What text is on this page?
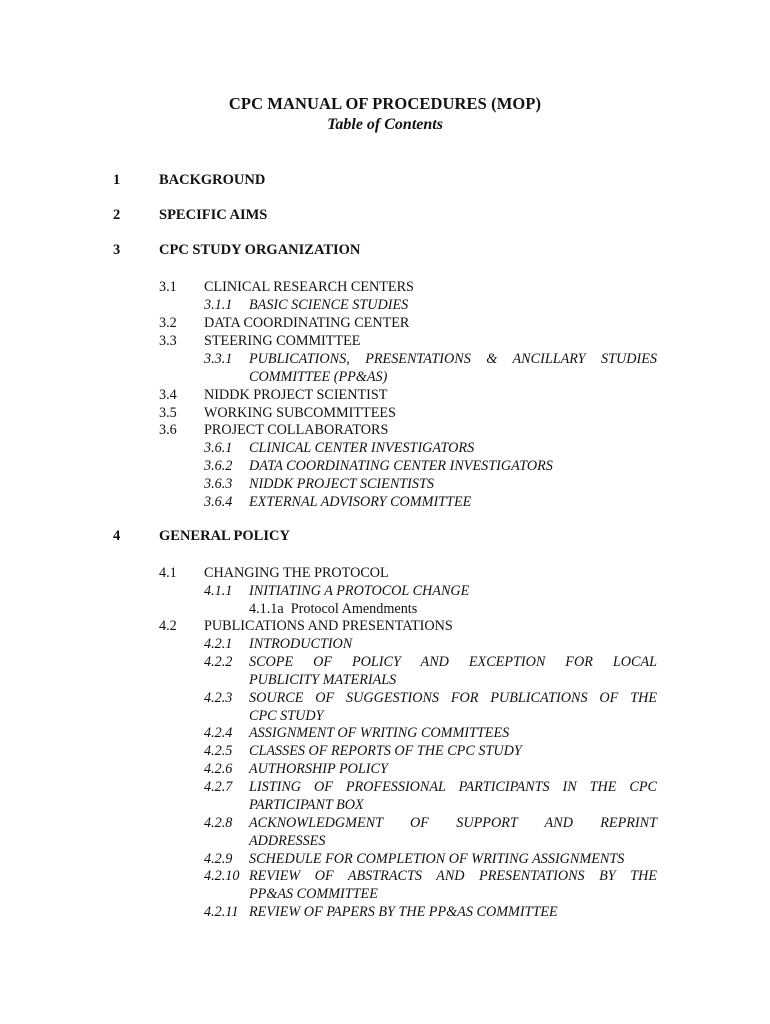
CPC MANUAL OF PROCEDURES (MOP)
Table of Contents
1	BACKGROUND
2	SPECIFIC AIMS
3	CPC STUDY ORGANIZATION
3.1 CLINICAL RESEARCH CENTERS
3.1.1 BASIC SCIENCE STUDIES
3.2 DATA COORDINATING CENTER
3.3 STEERING COMMITTEE
3.3.1 PUBLICATIONS, PRESENTATIONS & ANCILLARY STUDIES
COMMITTEE (PP&AS)
3.4 NIDDK PROJECT SCIENTIST
3.5 WORKING SUBCOMMITTEES
3.6 PROJECT COLLABORATORS
3.6.1 CLINICAL CENTER INVESTIGATORS
3.6.2 DATA COORDINATING CENTER INVESTIGATORS
3.6.3 NIDDK PROJECT SCIENTISTS
3.6.4 EXTERNAL ADVISORY COMMITTEE
4	GENERAL POLICY
4.1 CHANGING THE PROTOCOL
4.1.1 INITIATING A PROTOCOL CHANGE
4.1.1a  Protocol Amendments
4.2 PUBLICATIONS AND PRESENTATIONS
4.2.1 INTRODUCTION
4.2.2 SCOPE OF POLICY AND EXCEPTION FOR LOCAL
PUBLICITY MATERIALS
4.2.3 SOURCE OF SUGGESTIONS FOR PUBLICATIONS OF THE
CPC STUDY
4.2.4 ASSIGNMENT OF WRITING COMMITTEES
4.2.5 CLASSES OF REPORTS OF THE CPC STUDY
4.2.6 AUTHORSHIP POLICY
4.2.7 LISTING OF PROFESSIONAL PARTICIPANTS IN THE CPC
PARTICIPANT BOX
4.2.8 ACKNOWLEDGMENT OF SUPPORT AND REPRINT
ADDRESSES
4.2.9 SCHEDULE FOR COMPLETION OF WRITING ASSIGNMENTS
4.2.10 REVIEW OF ABSTRACTS AND PRESENTATIONS BY THE
PP&AS COMMITTEE
4.2.11 REVIEW OF PAPERS BY THE PP&AS COMMITTEE
